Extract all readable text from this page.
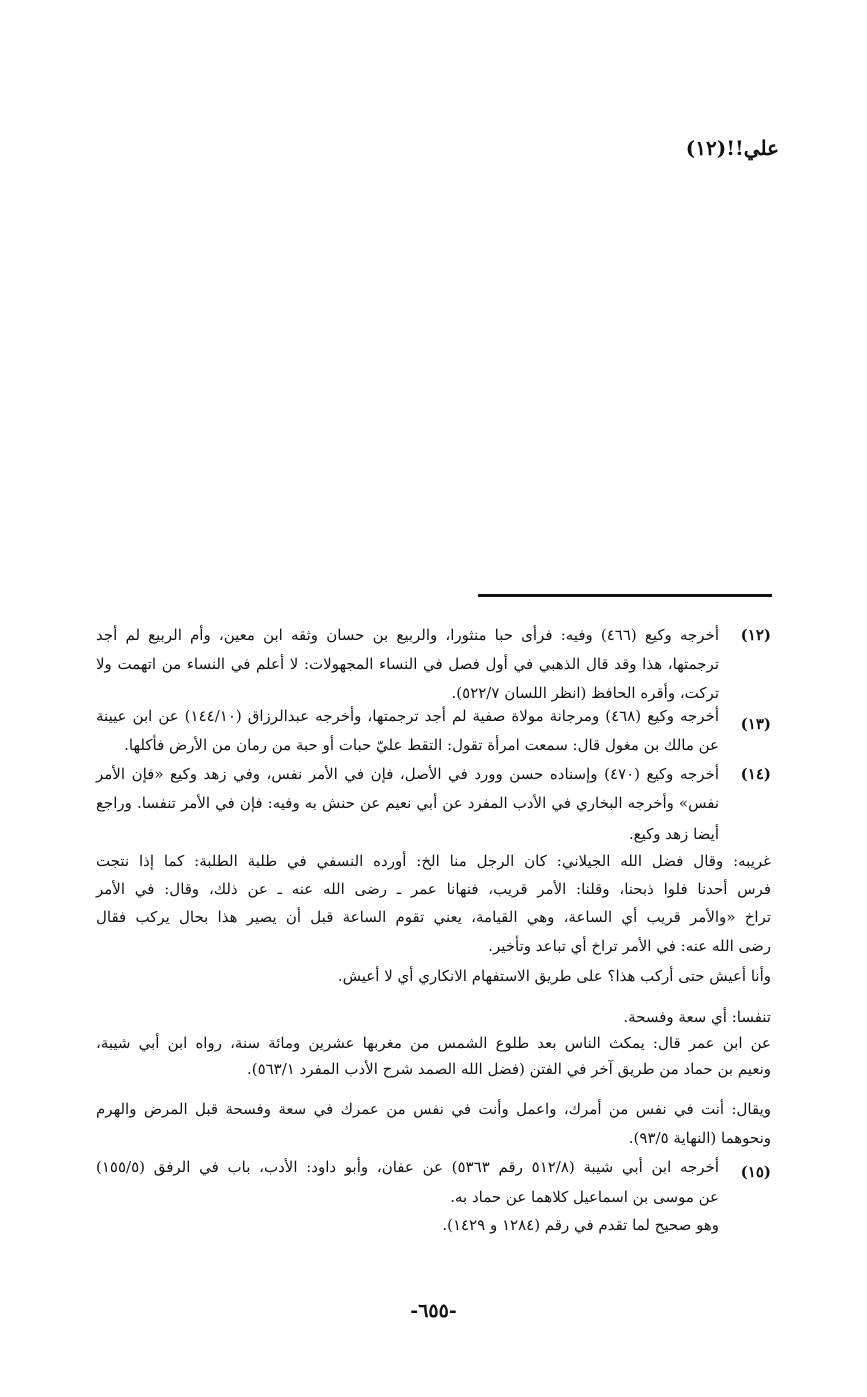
علي!!(١٢)
(١٢)
أخرجه وكيع (٤٦٦) وفيه: فرأى حبا منثورا، والربيع بن حسان وثقه ابن معين، وأم الربيع لم أجد
ترجمتها، هذا وقد قال الذهبي في أول فصل في النساء المجهولات: لا أعلم في النساء من اتهمت ولا
تركت، وأقره الحافظ (انظر اللسان ٥٢٢/٧).
(١٣)
أخرجه وكيع (٤٦٨) ومرجانة مولاة صفية لم أجد ترجمتها، وأخرجه عبدالرزاق (١٤٤/١٠) عن ابن عيينة
عن مالك بن مغول قال: سمعت امرأة تقول: التقط عليّ حبات أو حبة من رمان من الأرض فأكلها.
(١٤)
أخرجه وكيع (٤٧٠) وإسناده حسن وورد في الأصل، فإن في الأمر نفس، وفي زهد وكيع «فإن الأمر
نفس» وأخرجه البخاري في الأدب المفرد عن أبي نعيم عن حنش به وفيه: فإن في الأمر تنفسا. وراجع
أيضا زهد وكيع.
غريبه: وقال فضل الله الجيلاني: كان الرجل منا الخ: أورده النسفي في طلبة الطلبة: كما إذا نتجت
فرس أحدنا فلوا ذبحنا، وقلنا: الأمر قريب، فنهانا عمر ـ رضى الله عنه ـ عن ذلك، وقال: في الأمر
تراخ «والأمر قريب أي الساعة، وهي القيامة، يعني تقوم الساعة قبل أن يصير هذا بحال يركب فقال
رضى الله عنه: في الأمر تراخ أي تباعد وتأخير.
وأنا أعيش حتى أركب هذا؟ على طريق الاستفهام الانكاري أي لا أعيش.
تنفسا: أي سعة وفسحة.
عن ابن عمر قال: يمكث الناس بعد طلوع الشمس من مغربها عشرين ومائة سنة، رواه ابن أبي شيبة،
ونعيم بن حماد من طريق آخر في الفتن (فضل الله الصمد شرح الأدب المفرد ٥٦٣/١).
ويقال: أنت في نفس من أمرك، واعمل وأنت في نفس من عمرك في سعة وفسحة قبل المرض والهرم
ونحوهما (النهاية ٩٣/٥).
(١٥)
أخرجه ابن أبي شيبة (٥١٢/٨ رقم ٥٣٦٣) عن عفان، وأبو داود: الأدب، باب في الرفق (١٥٥/٥)
عن موسى بن اسماعيل كلاهما عن حماد به.
وهو صحيح لما تقدم في رقم (١٢٨٤ و ١٤٢٩).
-٦٥٥-
